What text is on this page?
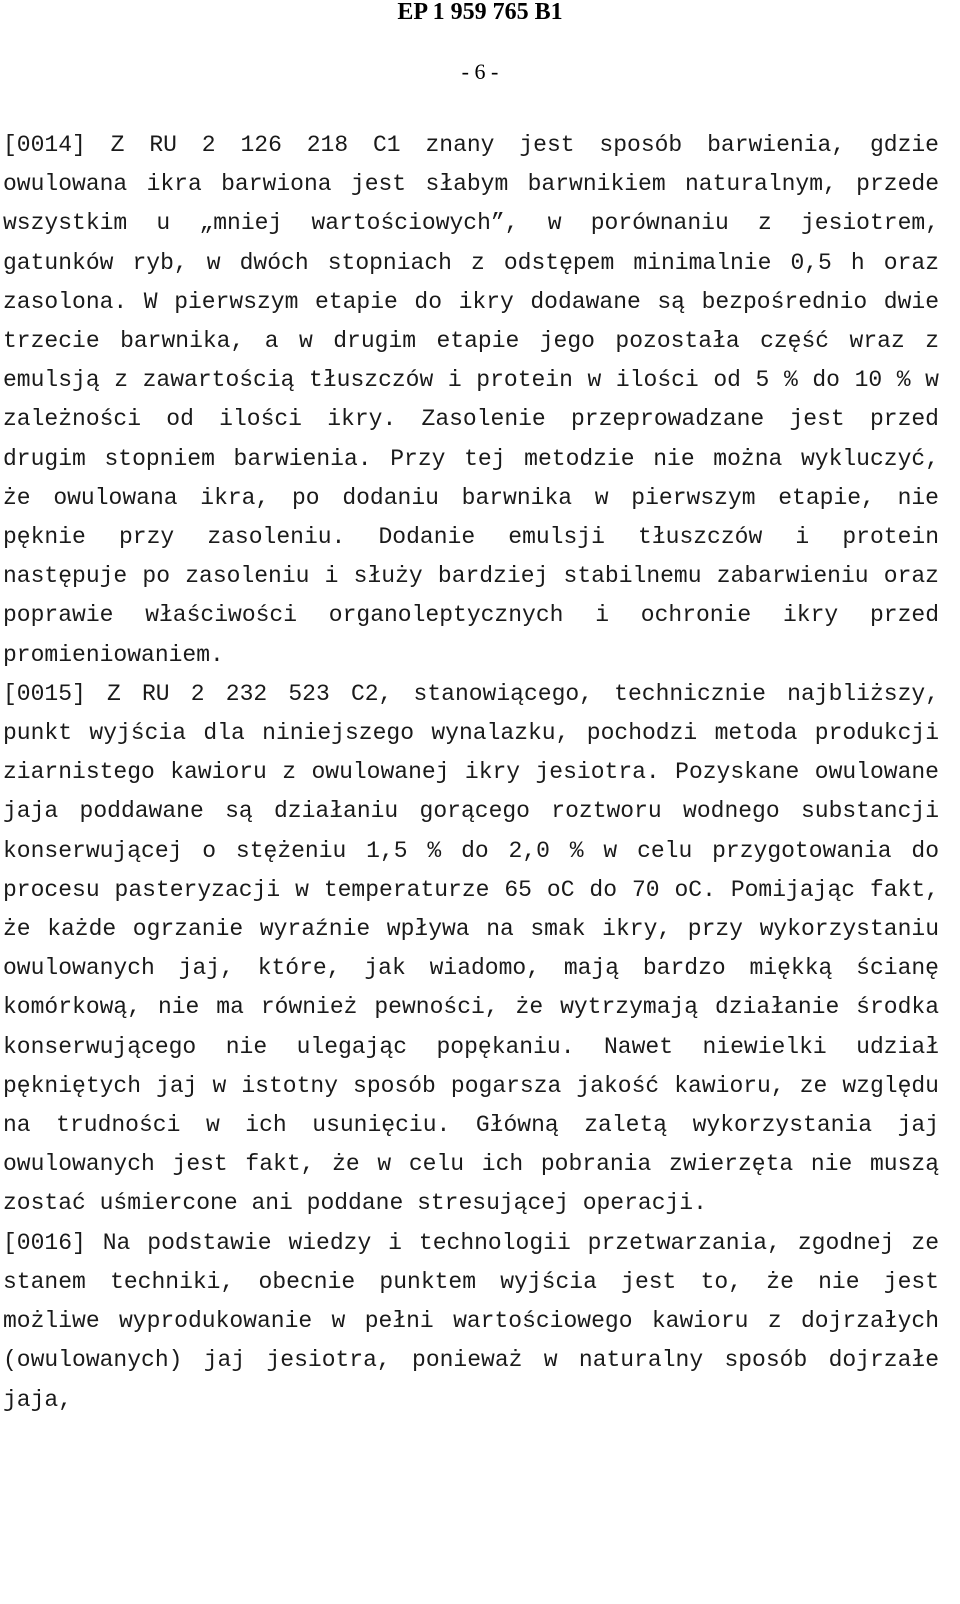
EP 1 959 765 B1
- 6 -

[0014] Z RU 2 126 218 C1 znany jest sposób barwienia, gdzie owulowana ikra barwiona jest słabym barwnikiem naturalnym, przede wszystkim u „mniej wartościowych”, w porównaniu z jesiotrem, gatunków ryb, w dwóch stopniach z odstępem minimalnie 0,5 h oraz zasolona. W pierwszym etapie do ikry dodawane są bezpośrednio dwie trzecie barwnika, a w drugim etapie jego pozostała część wraz z emulsją z zawartością tłuszczów i protein w ilości od 5 % do 10 % w zależności od ilości ikry. Zasolenie przeprowadzane jest przed drugim stopniem barwienia. Przy tej metodzie nie można wykluczyć, że owulowana ikra, po dodaniu barwnika w pierwszym etapie, nie pęknie przy zasoleniu. Dodanie emulsji tłuszczów i protein następuje po zasoleniu i służy bardziej stabilnemu zabarwieniu oraz poprawie właściwości organoleptycznych i ochronie ikry przed promieniowaniem.

[0015] Z RU 2 232 523 C2, stanowiącego, technicznie najbliższy, punkt wyjścia dla niniejszego wynalazku, pochodzi metoda produkcji ziarnistego kawioru z owulowanej ikry jesiotra. Pozyskane owulowane jaja poddawane są działaniu gorącego roztworu wodnego substancji konserwującej o stężeniu 1,5 % do 2,0 % w celu przygotowania do procesu pasteryzacji w temperaturze 65 oC do 70 oC. Pomijając fakt, że każde ogrzanie wyraźnie wpływa na smak ikry, przy wykorzystaniu owulowanych jaj, które, jak wiadomo, mają bardzo miękką ścianę komórkową, nie ma również pewności, że wytrzymają działanie środka konserwującego nie ulegając popękaniu. Nawet niewielki udział pękniętych jaj w istotny sposób pogarsza jakość kawioru, ze względu na trudności w ich usunięciu. Główną zaletą wykorzystania jaj owulowanych jest fakt, że w celu ich pobrania zwierzęta nie muszą zostać uśmiercone ani poddane stresującej operacji.

[0016] Na podstawie wiedzy i technologii przetwarzania, zgodnej ze stanem techniki, obecnie punktem wyjścia jest to, że nie jest możliwe wyprodukowanie w pełni wartościowego kawioru z dojrzałych (owulowanych) jaj jesiotra, ponieważ w naturalny sposób dojrzałe jaja,
